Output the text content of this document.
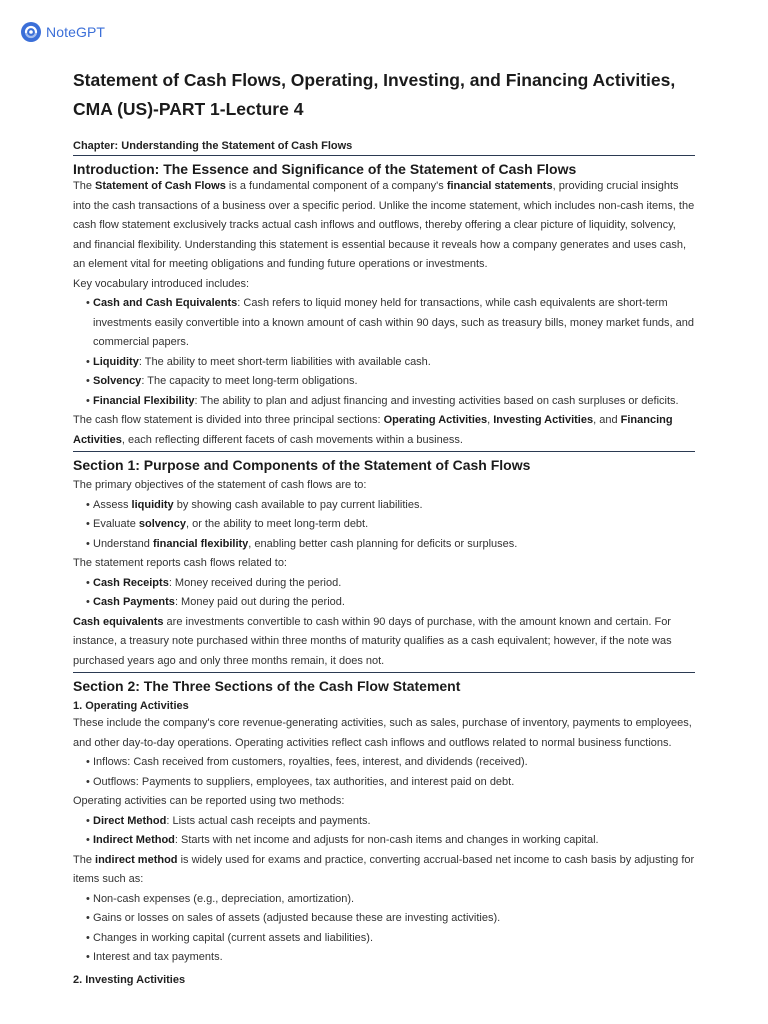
NoteGPT
Statement of Cash Flows, Operating, Investing, and Financing Activities, CMA (US)-PART 1-Lecture 4
Chapter: Understanding the Statement of Cash Flows
Introduction: The Essence and Significance of the Statement of Cash Flows

The Statement of Cash Flows is a fundamental component of a company's financial statements, providing crucial insights into the cash transactions of a business over a specific period. Unlike the income statement, which includes non-cash items, the cash flow statement exclusively tracks actual cash inflows and outflows, thereby offering a clear picture of liquidity, solvency, and financial flexibility. Understanding this statement is essential because it reveals how a company generates and uses cash, an element vital for meeting obligations and funding future operations or investments.

Key vocabulary introduced includes:

• Cash and Cash Equivalents: Cash refers to liquid money held for transactions, while cash equivalents are short-term investments easily convertible into a known amount of cash within 90 days, such as treasury bills, money market funds, and commercial papers.
• Liquidity: The ability to meet short-term liabilities with available cash.
• Solvency: The capacity to meet long-term obligations.
• Financial Flexibility: The ability to plan and adjust financing and investing activities based on cash surpluses or deficits.

The cash flow statement is divided into three principal sections: Operating Activities, Investing Activities, and Financing Activities, each reflecting different facets of cash movements within a business.

Section 1: Purpose and Components of the Statement of Cash Flows

The primary objectives of the statement of cash flows are to:

• Assess liquidity by showing cash available to pay current liabilities.
• Evaluate solvency, or the ability to meet long-term debt.
• Understand financial flexibility, enabling better cash planning for deficits or surpluses.

The statement reports cash flows related to:

• Cash Receipts: Money received during the period.
• Cash Payments: Money paid out during the period.

Cash equivalents are investments convertible to cash within 90 days of purchase, with the amount known and certain. For instance, a treasury note purchased within three months of maturity qualifies as a cash equivalent; however, if the note was purchased years ago and only three months remain, it does not.

Section 2: The Three Sections of the Cash Flow Statement
1. Operating Activities

These include the company's core revenue-generating activities, such as sales, purchase of inventory, payments to employees, and other day-to-day operations. Operating activities reflect cash inflows and outflows related to normal business functions.

• Inflows: Cash received from customers, royalties, fees, interest, and dividends (received).
• Outflows: Payments to suppliers, employees, tax authorities, and interest paid on debt.

Operating activities can be reported using two methods:

• Direct Method: Lists actual cash receipts and payments.
• Indirect Method: Starts with net income and adjusts for non-cash items and changes in working capital.

The indirect method is widely used for exams and practice, converting accrual-based net income to cash basis by adjusting for items such as:

• Non-cash expenses (e.g., depreciation, amortization).
• Gains or losses on sales of assets (adjusted because these are investing activities).
• Changes in working capital (current assets and liabilities).
• Interest and tax payments.
2. Investing Activities
